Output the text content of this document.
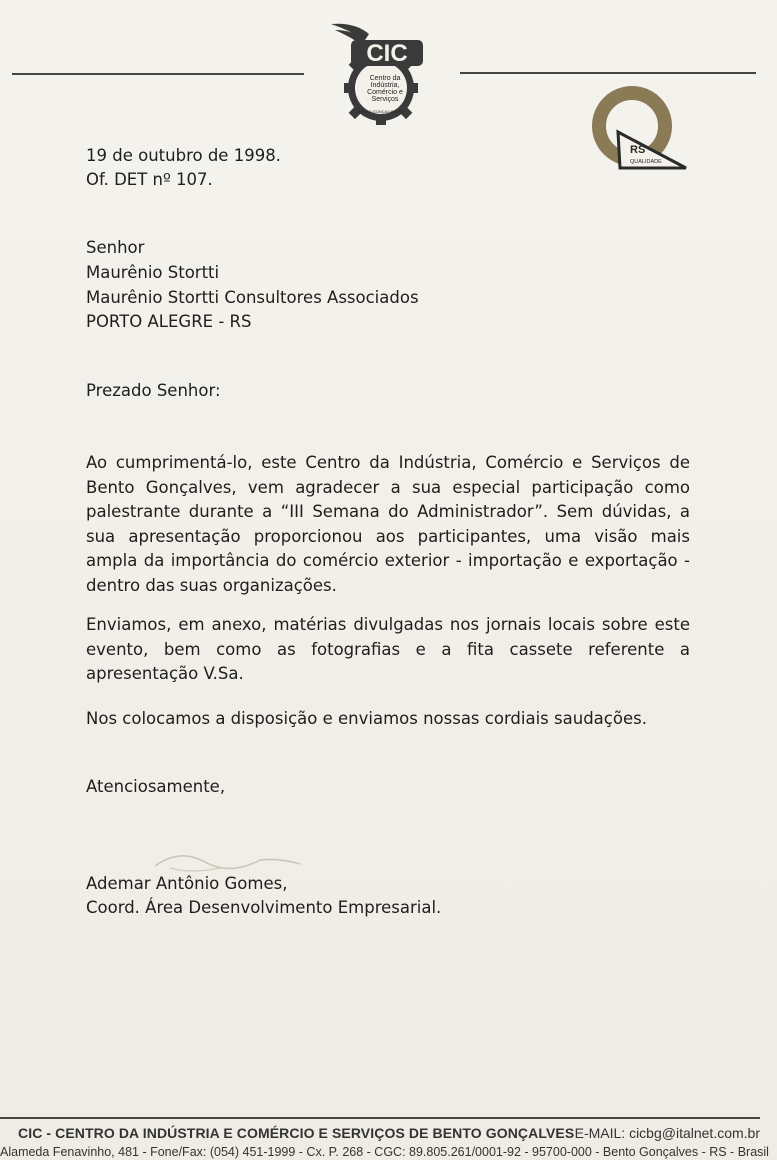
CIC
Centro da
Indústria,
Comércio e
Serviços
BENTO GONÇALVES RS
RS
QUALIDADE
19 de outubro de 1998.
Of. DET nº 107.
Senhor
Maurênio Stortti
Maurênio Stortti Consultores Associados
PORTO ALEGRE - RS
Prezado Senhor:
Ao cumprimentá-lo, este Centro da Indústria, Comércio e Serviços de Bento Gonçalves, vem agradecer a sua especial participação como palestrante durante a “III Semana do Administrador”. Sem dúvidas, a sua apresentação proporcionou aos participantes, uma visão mais ampla da importância do comércio exterior - importação e exportação - dentro das suas organizações.
Enviamos, em anexo, matérias divulgadas nos jornais locais sobre este evento, bem como as fotografias e a fita cassete referente a apresentação V.Sa.
Nos colocamos a disposição e enviamos nossas cordiais saudações.
Atenciosamente,
Ademar Antônio Gomes,
Coord. Área Desenvolvimento Empresarial.
CIC - CENTRO DA INDÚSTRIA E COMÉRCIO E SERVIÇOS DE BENTO GONÇALVES E-MAIL: cicbg@italnet.com.br
Alameda Fenavinho, 481 - Fone/Fax: (054) 451-1999 - Cx. P. 268 - CGC: 89.805.261/0001-92 - 95700-000 - Bento Gonçalves - RS - Brasil
